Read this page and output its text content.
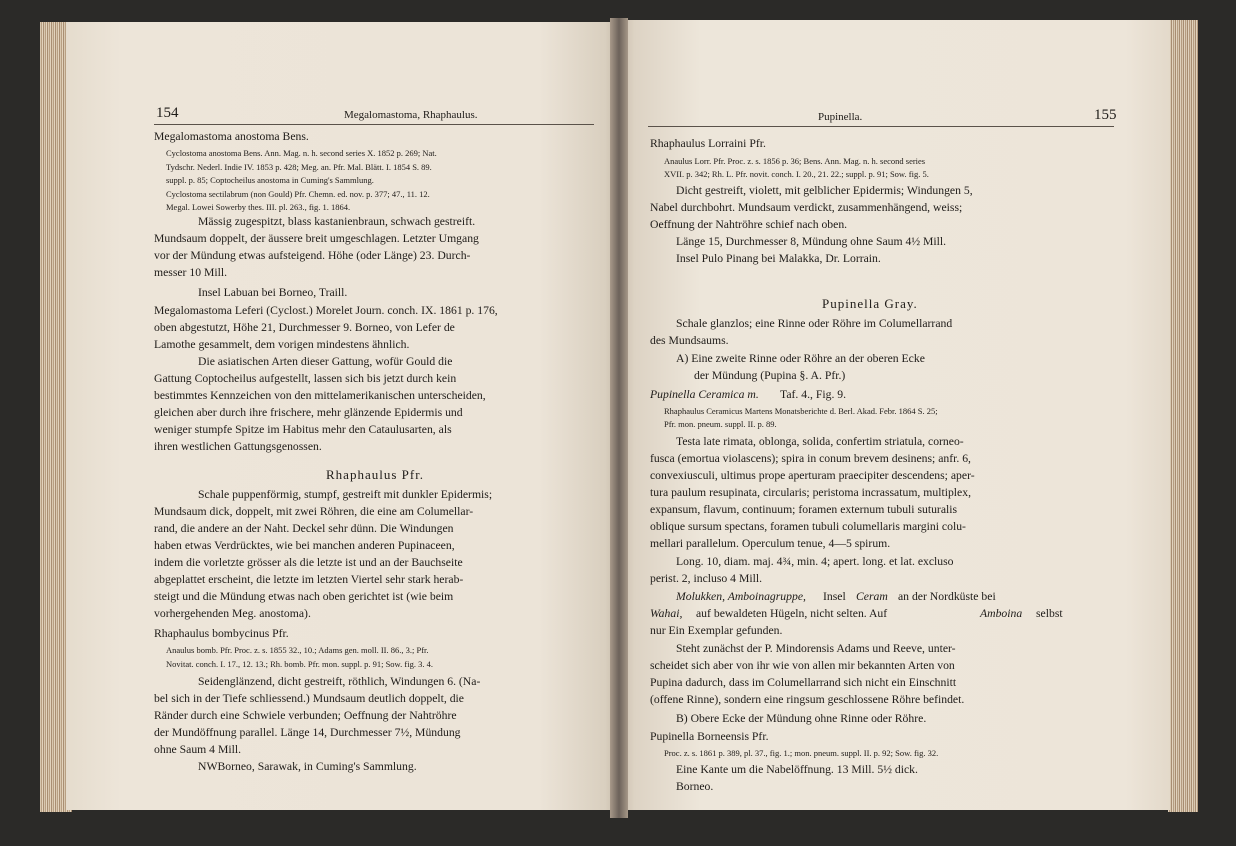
154	Megalomastoma, Rhaphaulus.
Megalomastoma anostoma Bens.
Cyclostoma anostoma Bens. Ann. Mag. n. h. second series X. 1852 p. 269; Nat.
Tydschr. Nederl. Indie IV. 1853 p. 428; Meg. an. Pfr. Mal. Blätt. I. 1854 S. 89.
suppl. p. 85; Coptocheilus anostoma in Cuming's Sammlung.
Cyclostoma sectilabrum (non Gould) Pfr. Chemn. ed. nov. p. 377; 47., 11. 12.
Megal. Lowei Sowerby thes. III. pl. 263., fig. 1. 1864.
Mässig zugespitzt, blass kastanienbraun, schwach gestreift.
Mundsaum doppelt, der äussere breit umgeschlagen. Letzter Umgang
vor der Mündung etwas aufsteigend. Höhe (oder Länge) 23. Durch-
messer 10 Mill.
Insel Labuan bei Borneo, Traill.
Megalomastoma Leferi (Cyclost.) Morelet Journ. conch. IX. 1861 p. 176,
oben abgestutzt, Höhe 21, Durchmesser 9. Borneo, von Lefer de
Lamothe gesammelt, dem vorigen mindestens ähnlich.
Die asiatischen Arten dieser Gattung, wofür Gould die
Gattung Coptocheilus aufgestellt, lassen sich bis jetzt durch kein
bestimmtes Kennzeichen von den mittelamerikanischen unterscheiden,
gleichen aber durch ihre frischere, mehr glänzende Epidermis und
weniger stumpfe Spitze im Habitus mehr den Cataulusarten, als
ihren westlichen Gattungsgenossen.
Rhaphaulus Pfr.
Schale puppenförmig, stumpf, gestreift mit dunkler Epidermis;
Mundsaum dick, doppelt, mit zwei Röhren, die eine am Columellar-
rand, die andere an der Naht. Deckel sehr dünn. Die Windungen
haben etwas Verdrücktes, wie bei manchen anderen Pupinaceen,
indem die vorletzte grösser als die letzte ist und an der Bauchseite
abgeplattet erscheint, die letzte im letzten Viertel sehr stark herab-
steigt und die Mündung etwas nach oben gerichtet ist (wie beim
vorhergehenden Meg. anostoma).
Rhaphaulus bombycinus Pfr.
Anaulus bomb. Pfr. Proc. z. s. 1855 32., 10.; Adams gen. moll. II. 86., 3.; Pfr.
Novitat. conch. I. 17., 12. 13.; Rh. bomb. Pfr. mon. suppl. p. 91; Sow. fig. 3. 4.
Seidenglänzend, dicht gestreift, röthlich, Windungen 6. (Na-
bel sich in der Tiefe schliessend.) Mundsaum deutlich doppelt, die
Ränder durch eine Schwiele verbunden; Oeffnung der Nahtröhre
der Mundöffnung parallel. Länge 14, Durchmesser 7½, Mündung
ohne Saum 4 Mill.
NWBorneo, Sarawak, in Cuming's Sammlung.
Pupinella.	155
Rhaphaulus Lorraini Pfr.
Anaulus Lorr. Pfr. Proc. z. s. 1856 p. 36; Bens. Ann. Mag. n. h. second series
XVII. p. 342; Rh. L. Pfr. novit. conch. I. 20., 21. 22.; suppl. p. 91; Sow. fig. 5.
Dicht gestreift, violett, mit gelblicher Epidermis; Windungen 5,
Nabel durchbohrt. Mundsaum verdickt, zusammenhängend, weiss;
Oeffnung der Nahtröhre schief nach oben.
Länge 15, Durchmesser 8, Mündung ohne Saum 4½ Mill.
Insel Pulo Pinang bei Malakka, Dr. Lorrain.
Pupinella Gray.
Schale glanzlos; eine Rinne oder Röhre im Columellarrand
des Mundsaums.
A) Eine zweite Rinne oder Röhre an der oberen Ecke
der Mündung (Pupina §. A. Pfr.)
Pupinella Ceramica m. Taf. 4., Fig. 9.
Rhaphaulus Ceramicus Martens Monatsberichte d. Berl. Akad. Febr. 1864 S. 25;
Pfr. mon. pneum. suppl. II. p. 89.
Testa late rimata, oblonga, solida, confertim striatula, corneo-
fusca (emortua violascens); spira in conum brevem desinens; anfr. 6,
convexiusculi, ultimus prope aperturam praecipiter descendens; aper-
tura paulum resupinata, circularis; peristoma incrassatum, multiplex,
expansum, flavum, continuum; foramen externum tubuli suturalis
oblique sursum spectans, foramen tubuli columellaris margini colu-
mellari parallelum. Operculum tenue, 4—5 spirum.
Long. 10, diam. maj. 4¾, min. 4; apert. long. et lat. excluso
perist. 2, incluso 4 Mill.
Molukken, Amboinagruppe, Insel Ceram an der Nordküste bei
Wahai, auf bewaldeten Hügeln, nicht selten. Auf	Amboina selbst
nur Ein Exemplar gefunden.
Steht zunächst der P. Mindorensis Adams und Reeve, unter-
scheidet sich aber von ihr wie von allen mir bekannten Arten von
Pupina dadurch, dass im Columellarrand sich nicht ein Einschnitt
(offene Rinne), sondern eine ringsum geschlossene Röhre befindet.
B) Obere Ecke der Mündung ohne Rinne oder Röhre.
Pupinella Borneensis Pfr.
Proc. z. s. 1861 p. 389, pl. 37., fig. 1.; mon. pneum. suppl. II. p. 92; Sow. fig. 32.
Eine Kante um die Nabelöffnung. 13 Mill. 5½ dick.
Borneo.
